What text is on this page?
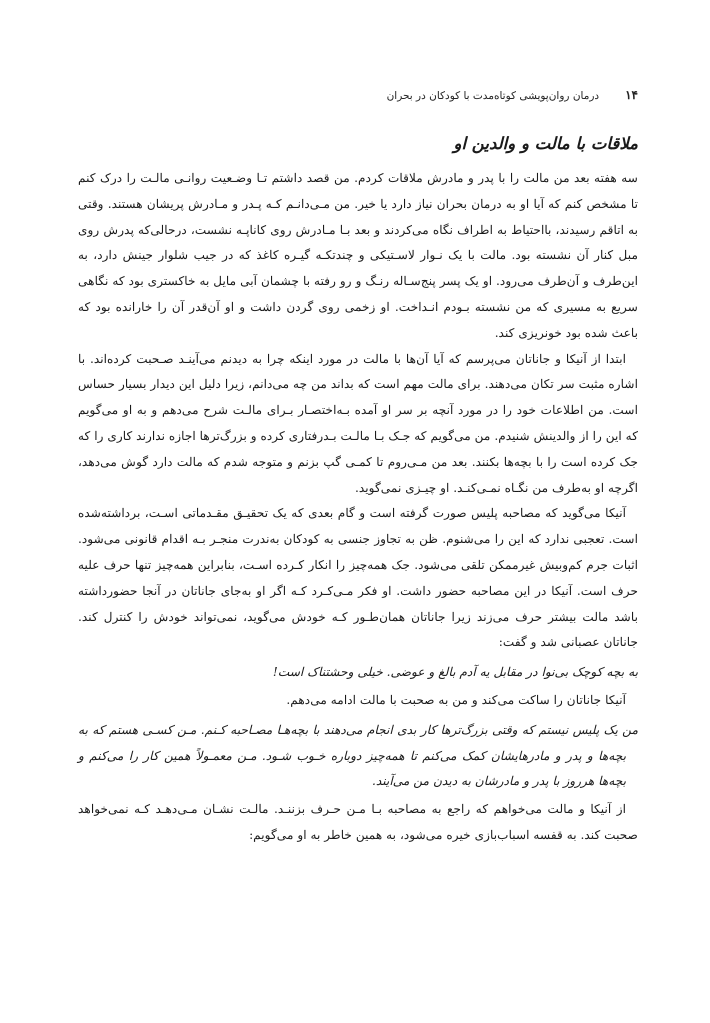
۱۴
درمان روان‌پویشی کوتاه‌مدت با کودکان در بحران
ملاقات با مالت و والدین او

سه هفته بعد من مالت را با پدر و مادرش ملاقات کردم. من قصد داشتم تـا وضـعیت روانـی مالـت را درک کنم تا مشخص کنم که آیا او به درمان بحران نیاز دارد یا خیر. من مـی‌دانـم کـه پـدر و مـادرش پریشان هستند. وقتی به اتاقم رسیدند، بااحتیاط به اطراف نگاه می‌کردند و بعد بـا مـادرش روی کاناپـه نشست، درحالی‌که پدرش روی مبل کنار آن نشسته بود. مالت با یک نـوار لاسـتیکی و چندتکـه گیـره کاغذ که در جیب شلوار جینش دارد، به این‌طرف و آن‌طرف می‌رود. او یک پسر پنج‌سـاله رنـگ و رو رفته با چشمان آبی مایل به خاکستری بود که نگاهی سریع به مسیری که من نشسته بـودم انـداخت. او زخمی روی گردن داشت و او آن‌قدر آن را خارانده بود که باعث شده بود خونریزی کند.

ابتدا از آنیکا و جاناتان می‌پرسم که آیا آن‌ها با مالت در مورد اینکه چرا به دیدنم می‌آینـد صـحبت کرده‌اند. با اشاره مثبت سر تکان می‌دهند. برای مالت مهم است که بداند من چه می‌دانم، زیرا دلیل این دیدار بسیار حساس است. من اطلاعات خود را در مورد آنچه بر سر او آمده بـه‌اختصـار بـرای مالـت شرح می‌دهم و به او می‌گویم که این را از والدینش شنیدم. من می‌گویم که جـک بـا مالـت بـدرفتاری کرده و بزرگ‌ترها اجازه ندارند کاری را که جک کرده است را با بچه‌ها بکنند. بعد من مـی‌روم تا کمـی گپ بزنم و متوجه شدم که مالت دارد گوش می‌دهد، اگرچه او به‌طرف من نگـاه نمـی‌کنـد. او چیـزی نمی‌گوید.

آنیکا می‌گوید که مصاحبه پلیس صورت گرفته است و گام بعدی که یک تحقیـق مقـدماتی اسـت، برداشته‌شده است. تعجبی ندارد که این را می‌شنوم. ظن به تجاوز جنسی به کودکان به‌ندرت منجـر بـه اقدام قانونی می‌شود. اثبات جرم کم‌وبیش غیرممکن تلقی می‌شود. جک همه‌چیز را انکار کـرده اسـت، بنابراین همه‌چیز تنها حرف علیه حرف است. آنیکا در این مصاحبه حضور داشت. او فکر مـی‌کـرد کـه اگر او به‌جای جاناتان در آنجا حضورداشته باشد مالت بیشتر حرف می‌زند زیرا جاناتان همان‌طـور کـه خودش می‌گوید، نمی‌تواند خودش را کنترل کند. جاناتان عصبانی شد و گفت:

به بچه کوچک بی‌نوا در مقابل یه آدم بالغ و عوضی. خیلی وحشتناک است!

آنیکا جاناتان را ساکت می‌کند و من به صحبت با مالت ادامه می‌دهم.

من یک پلیس نیستم که وقتی بزرگ‌ترها کار بدی انجام می‌دهند با بچه‌هـا مصـاحبه کـنم. مـن کسـی هستم که به بچه‌ها و پدر و مادرهایشان کمک می‌کنم تا همه‌چیز دوباره خـوب شـود. مـن معمـولاً همین کار را می‌کنم و بچه‌ها هرروز با پدر و مادرشان به دیدن من می‌آیند.

از آنیکا و مالت می‌خواهم که راجع به مصاحبه بـا مـن حـرف بزننـد. مالـت نشـان مـی‌دهـد کـه نمی‌خواهد صحبت کند. به قفسه اسباب‌بازی خیره می‌شود، به همین خاطر به او می‌گویم:
